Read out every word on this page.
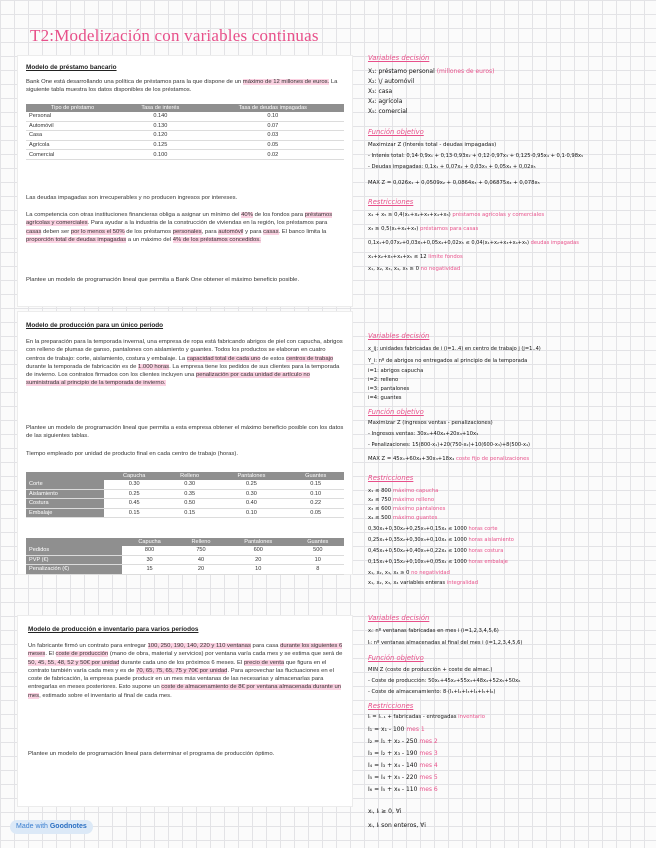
T2:Modelización con variables continuas
Modelo de préstamo bancario

Bank One está desarrollando una política de préstamos para la que dispone de un máximo de 12 millones de euros. La siguiente tabla muestra los datos disponibles de los préstamos.

Tipo de préstamo	Tasa de interés	Tasa de deudas impagadas
Personal	0.140	0.10
Automóvil	0.130	0.07
Casa	0.120	0.03
Agrícola	0.125	0.05
Comercial	0.100	0.02

Las deudas impagadas son irrecuperables y no producen ingresos por intereses.

La competencia con otras instituciones financieras obliga a asignar un mínimo del 40% de los fondos para préstamos agrícolas y comerciales. Para ayudar a la industria de la construcción de viviendas en la región, los préstamos para casas deben ser por lo menos el 50% de los préstamos personales, para automóvil y para casas. El banco limita la proporción total de deudas impagadas a un máximo del 4% de los préstamos concedidos.

Plantee un modelo de programación lineal que permita a Bank One obtener el máximo beneficio posible.

Modelo de producción para un único período

En la preparación para la temporada invernal, una empresa de ropa está fabricando abrigos de piel con capucha, abrigos con relleno de plumas de ganso, pantalones con aislamiento y guantes. Todos los productos se elaboran en cuatro centros de trabajo: corte, aislamiento, costura y embalaje. La capacidad total de cada uno de estos centros de trabajo durante la temporada de fabricación es de 1.000 horas. La empresa tiene los pedidos de sus clientes para la temporada de invierno. Los contratos firmados con los clientes incluyen una penalización por cada unidad de artículo no suministrada al principio de la temporada de invierno.

Plantee un modelo de programación lineal que permita a esta empresa obtener el máximo beneficio posible con los datos de las siguientes tablas.

Tiempo empleado por unidad de producto final en cada centro de trabajo (horas).

	Capucha	Relleno	Pantalones	Guantes
Corte	0.30	0.30	0.25	0.15
Aislamiento	0.25	0.35	0.30	0.10
Costura	0.45	0.50	0.40	0.22
Embalaje	0.15	0.15	0.10	0.05
	Capucha	Relleno	Pantalones	Guantes
Pedidos	800	750	600	500
PVP (€)	30	40	20	10
Penalización (€)	15	20	10	8
Modelo de producción e inventario para varios períodos

Un fabricante firmó un contrato para entregar 100, 250, 190, 140, 220 y 110 ventanas para casa durante los siguientes 6 meses. El coste de producción (mano de obra, material y servicios) por ventana varía cada mes y se estima que será de 50, 45, 55, 48, 52 y 50€ por unidad durante cada uno de los próximos 6 meses. El precio de venta que figura en el contrato también varía cada mes y es de 70, 65, 75, 65, 75 y 70€ por unidad. Para aprovechar las fluctuaciones en el coste de fabricación, la empresa puede producir en un mes más ventanas de las necesarias y almacenarlas para entregarlas en meses posteriores. Esto supone un coste de almacenamiento de 8€ por ventana almacenada durante un mes, estimado sobre el inventario al final de cada mes.

Plantee un modelo de programación lineal para determinar el programa de producción óptimo.

Variables decisión
X₁: préstamo personal (millones de euros)
X₂: \/ automóvil
X₃: casa
X₄: agrícola
X₅: comercial
Función objetivo
Maximizar Z (Interés total - deudas impagadas)
- Interés total: 0,14·0,9x₁ + 0,13·0,93x₂ + 0,12·0,97x₃ + 0,125·0,95x₄ + 0,1·0,98x₅
- Deudas impagadas: 0,1x₁ + 0,07x₂ + 0,03x₃ + 0,05x₄ + 0,02x₅
MAX Z = 0,026x₁ + 0,0509x₂ + 0,0864x₃ + 0,06875x₄ + 0,078x₅
Restricciones
x₄ + x₅ ≥ 0,4(x₁+x₂+x₃+x₄+x₅) préstamos agrícolas y comerciales
x₃ ≥ 0,5(x₁+x₂+x₃) préstamos para casas
0,1x₁+0,07x₂+0,03x₃+0,05x₄+0,02x₅ ≤ 0,04(x₁+x₂+x₃+x₄+x₅) deudas impagadas
x₁+x₂+x₃+x₄+x₅ ≤ 12 límite fondos
x₁, x₂, x₃, x₄, x₅ ≥ 0 no negatividad
Variables decisión
x_ij: unidades fabricadas de i (i=1..4) en centro de trabajo j (j=1..4)
Y_i: nº de abrigos no entregados al principio de la temporada
i=1: abrigos capucha
i=2: relleno
i=3: pantalones
i=4: guantes
Función objetivo
Maximizar Z (ingresos ventas - penalizaciones)
- Ingresos ventas: 30x₁+40x₂+20x₃+10x₄
- Penalizaciones: 15(800-x₁)+20(750-x₂)+10(600-x₃)+8(500-x₄)
MAX Z = 45x₁+60x₂+30x₃+18x₄ coste fijo de penalizaciones
Restricciones
x₁ ≤ 800 máximo capucha
x₂ ≤ 750 máximo relleno
x₃ ≤ 600 máximo pantalones
x₄ ≤ 500 máximo guantes
0,30x₁+0,30x₂+0,25x₃+0,15x₄ ≤ 1000 horas corte
0,25x₁+0,35x₂+0,30x₃+0,10x₄ ≤ 1000 horas aislamiento
0,45x₁+0,50x₂+0,40x₃+0,22x₄ ≤ 1000 horas costura
0,15x₁+0,15x₂+0,10x₃+0,05x₄ ≤ 1000 horas embalaje
x₁, x₂, x₃, x₄ ≥ 0 no negatividad
x₁, x₂, x₃, x₄ variables enteras integralidad
Variables decisión
xᵢ: nº ventanas fabricadas en mes i (i=1,2,3,4,5,6)
Iᵢ: nº ventanas almacenadas al final del mes i (i=1,2,3,4,5,6)
Función objetivo
MIN Z (coste de producción + coste de almac.)
- Coste de producción: 50x₁+45x₂+55x₃+48x₄+52x₅+50x₆
- Coste de almacenamiento: 8·(I₁+I₂+I₃+I₄+I₅+I₆)
Restricciones
Iᵢ = Iᵢ₋₁ + fabricadas - entregadas inventario
I₁ = x₁ - 100 mes 1
I₂ = I₁ + x₂ - 250 mes 2
I₃ = I₂ + x₃ - 190 mes 3
I₄ = I₃ + x₄ - 140 mes 4
I₅ = I₄ + x₅ - 220 mes 5
I₆ = I₅ + x₆ - 110 mes 6
xᵢ, Iᵢ ≥ 0, ∀i
xᵢ, Iᵢ son enteros, ∀i
Made with Goodnotes
